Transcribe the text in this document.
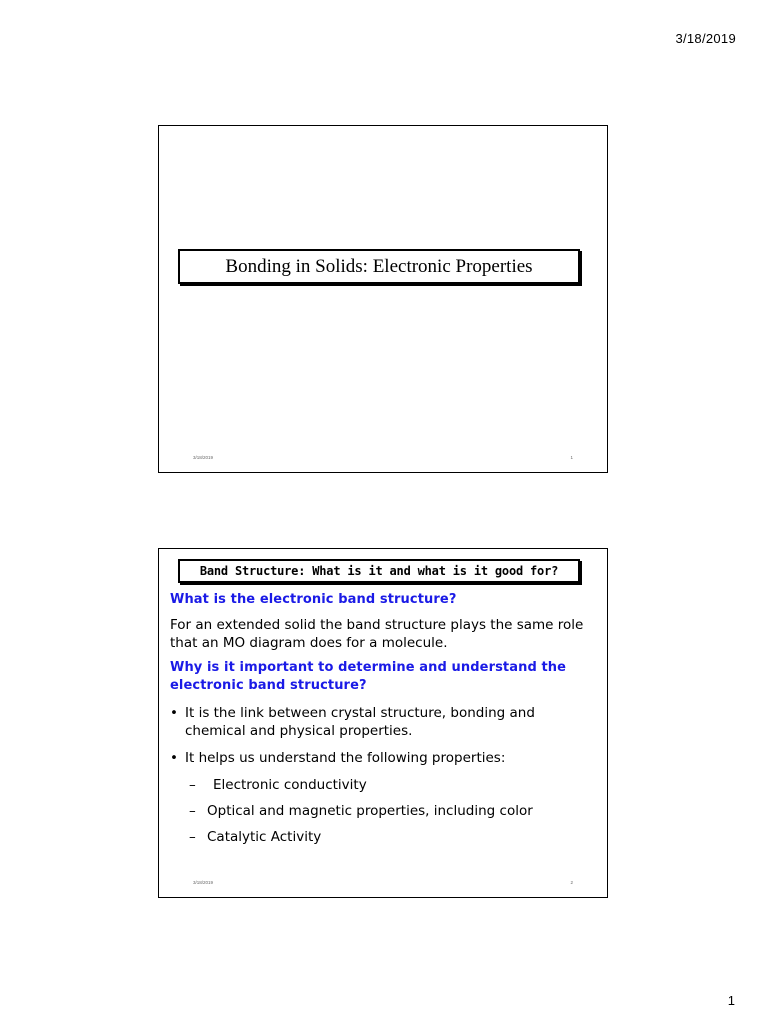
3/18/2019
Bonding in Solids: Electronic Properties
3/18/2019	1
Band Structure: What is it and what is it good for?

What is the electronic band structure?

For an extended solid the band structure plays the same role that an MO diagram does for a molecule.

Why is it important to determine and understand the electronic band structure?

• It is the link between crystal structure, bonding and chemical and physical properties.
• It helps us understand the following properties:
–	Electronic conductivity
– Optical and magnetic properties, including color
– Catalytic Activity
3/18/2019	2
1
